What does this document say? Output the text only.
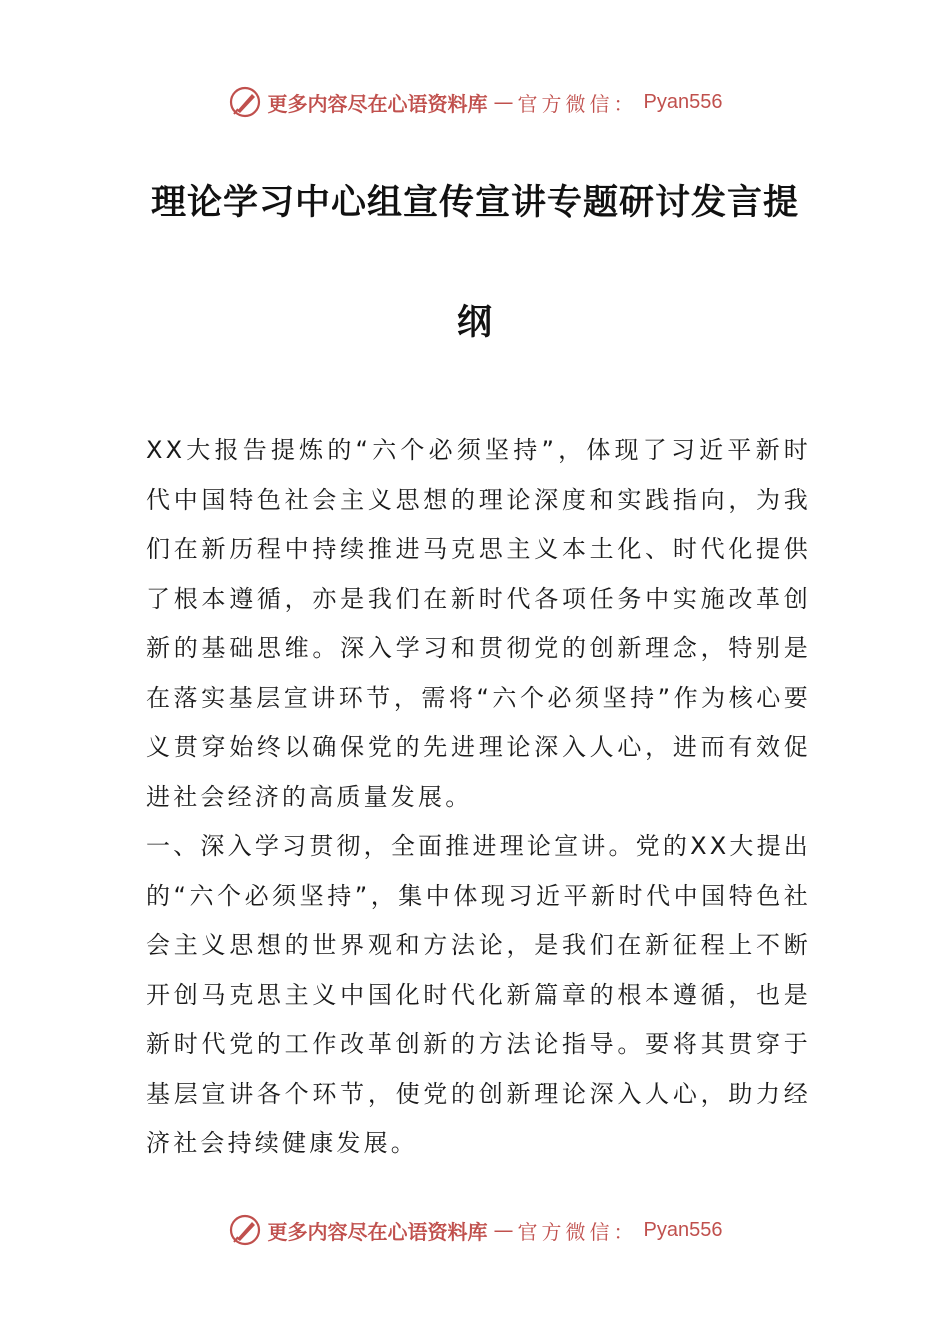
更多内容尽在心语资料库 — 官方微信： Pyan556
理论学习中心组宣传宣讲专题研讨发言提
纲

XX大报告提炼的“六个必须坚持”，体现了习近平新时代中国特色社会主义思想的理论深度和实践指向，为我们在新历程中持续推进马克思主义本土化、时代化提供了根本遵循，亦是我们在新时代各项任务中实施改革创新的基础思维。深入学习和贯彻党的创新理念，特别是在落实基层宣讲环节，需将“六个必须坚持”作为核心要义贯穿始终以确保党的先进理论深入人心，进而有效促进社会经济的高质量发展。

一、深入学习贯彻，全面推进理论宣讲。党的XX大提出的“六个必须坚持”，集中体现习近平新时代中国特色社会主义思想的世界观和方法论，是我们在新征程上不断开创马克思主义中国化时代化新篇章的根本遵循，也是新时代党的工作改革创新的方法论指导。要将其贯穿于基层宣讲各个环节，使党的创新理论深入人心，助力经济社会持续健康发展。

更多内容尽在心语资料库 — 官方微信： Pyan556
